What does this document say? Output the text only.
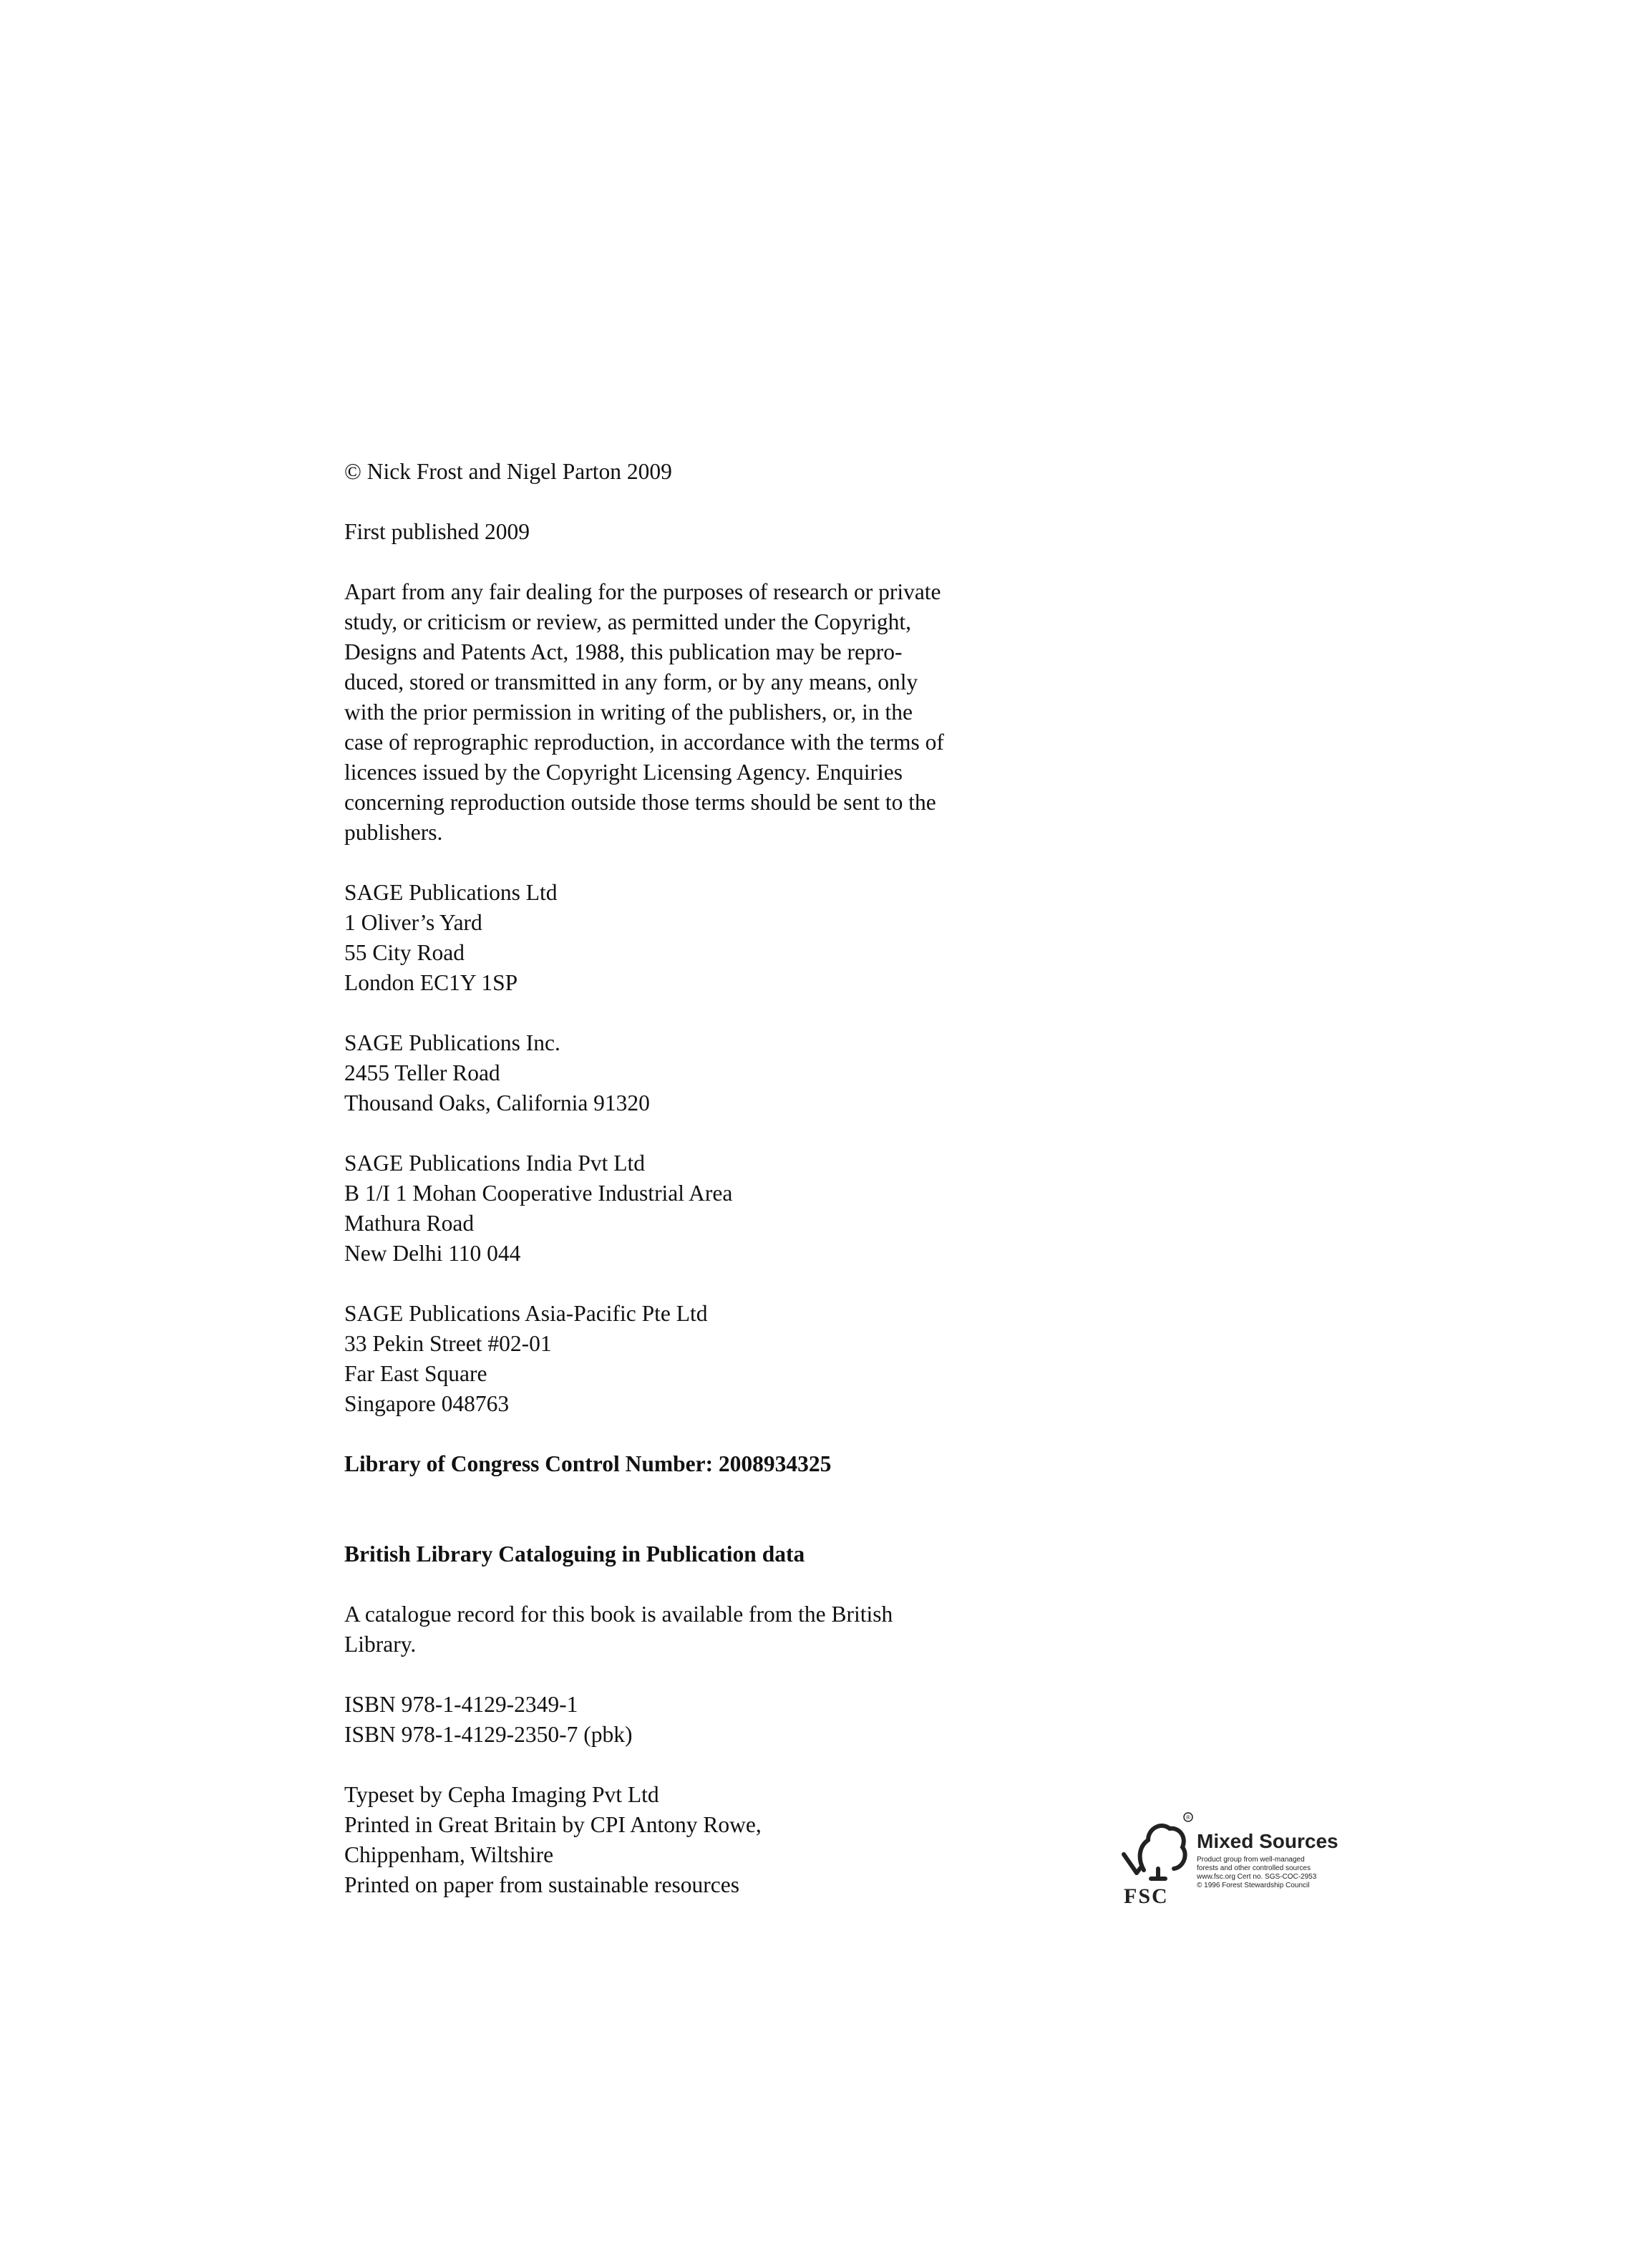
© Nick Frost and Nigel Parton 2009

First published 2009

Apart from any fair dealing for the purposes of research or private
study, or criticism or review, as permitted under the Copyright,
Designs and Patents Act, 1988, this publication may be repro-
duced, stored or transmitted in any form, or by any means, only
with the prior permission in writing of the publishers, or, in the
case of reprographic reproduction, in accordance with the terms of
licences issued by the Copyright Licensing Agency. Enquiries
concerning reproduction outside those terms should be sent to the
publishers.

SAGE Publications Ltd
1 Oliver’s Yard
55 City Road
London EC1Y 1SP

SAGE Publications Inc.
2455 Teller Road
Thousand Oaks, California 91320

SAGE Publications India Pvt Ltd
B 1/I 1 Mohan Cooperative Industrial Area
Mathura Road
New Delhi 110 044

SAGE Publications Asia-Pacific Pte Ltd
33 Pekin Street #02-01
Far East Square
Singapore 048763

Library of Congress Control Number: 2008934325

British Library Cataloguing in Publication data

A catalogue record for this book is available from the British
Library.

ISBN 978-1-4129-2349-1
ISBN 978-1-4129-2350-7 (pbk)

Typeset by Cepha Imaging Pvt Ltd
Printed in Great Britain by CPI Antony Rowe,
Chippenham, Wiltshire
Printed on paper from sustainable resources

®
Mixed Sources
Product group from well-managed
forests and other controlled sources
www.fsc.org Cert no. SGS-COC-2953
© 1996 Forest Stewardship Council
FSC
